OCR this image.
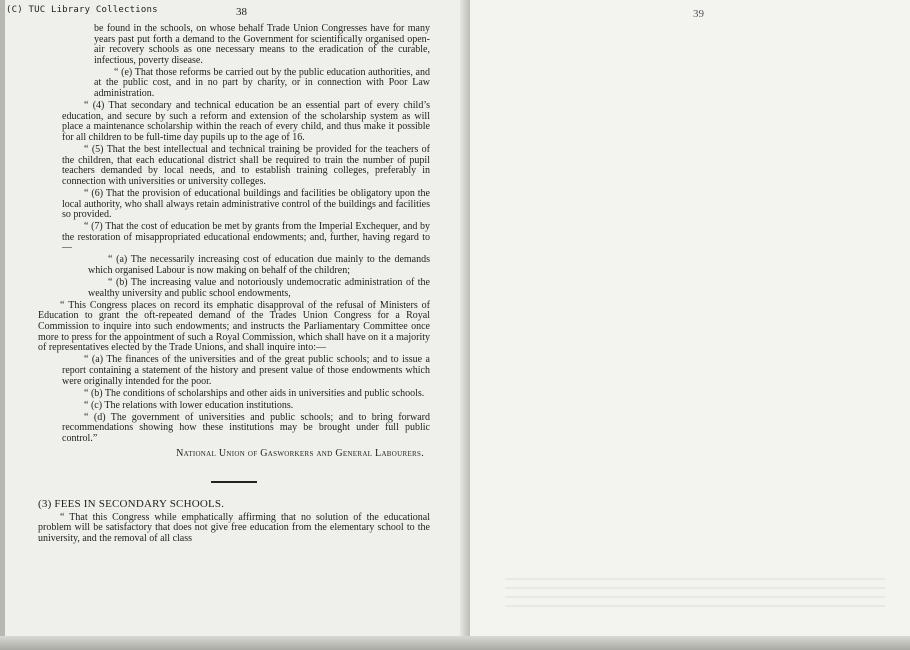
(C) TUC Library Collections	38

be found in the schools, on whose behalf Trade Union Congresses have for many years past put forth a demand to the Government for scientifically organised open-air recovery schools as one necessary means to the eradication of the curable, infectious, poverty disease.

“ (e) That those reforms be carried out by the public education authorities, and at the public cost, and in no part by charity, or in connection with Poor Law administration.

“ (4) That secondary and technical education be an essential part of every child’s education, and secure by such a reform and extension of the scholarship system as will place a maintenance scholarship within the reach of every child, and thus make it possible for all children to be full-time day pupils up to the age of 16.

“ (5) That the best intellectual and technical training be provided for the teachers of the children, that each educational district shall be required to train the number of pupil teachers demanded by local needs, and to establish training colleges, preferably in connection with universities or university colleges.

“ (6) That the provision of educational buildings and facilities be obligatory upon the local authority, who shall always retain administrative control of the buildings and facilities so provided.

“ (7) That the cost of education be met by grants from the Imperial Exchequer, and by the restoration of misappropriated educational endowments; and, further, having regard to—

“ (a) The necessarily increasing cost of education due mainly to the demands which organised Labour is now making on behalf of the children;

“ (b) The increasing value and notoriously undemocratic administration of the wealthy university and public school endowments,

“ This Congress places on record its emphatic disapproval of the refusal of Ministers of Education to grant the oft-repeated demand of the Trades Union Congress for a Royal Commission to inquire into such endowments; and instructs the Parliamentary Committee once more to press for the appointment of such a Royal Commission, which shall have on it a majority of representatives elected by the Trade Unions, and shall inquire into:—

“ (a) The finances of the universities and of the great public schools; and to issue a report containing a statement of the history and present value of those endowments which were originally intended for the poor.

“ (b) The conditions of scholarships and other aids in universities and public schools.

“ (c) The relations with lower education institutions.

“ (d) The government of universities and public schools; and to bring forward recommendations showing how these institutions may be brought under full public control.”

National Union of Gasworkers and General Labourers.

(3) FEES IN SECONDARY SCHOOLS.

“ That this Congress while emphatically affirming that no solution of the educational problem will be satisfactory that does not give free education from the elementary school to the university, and the removal of all class

39
